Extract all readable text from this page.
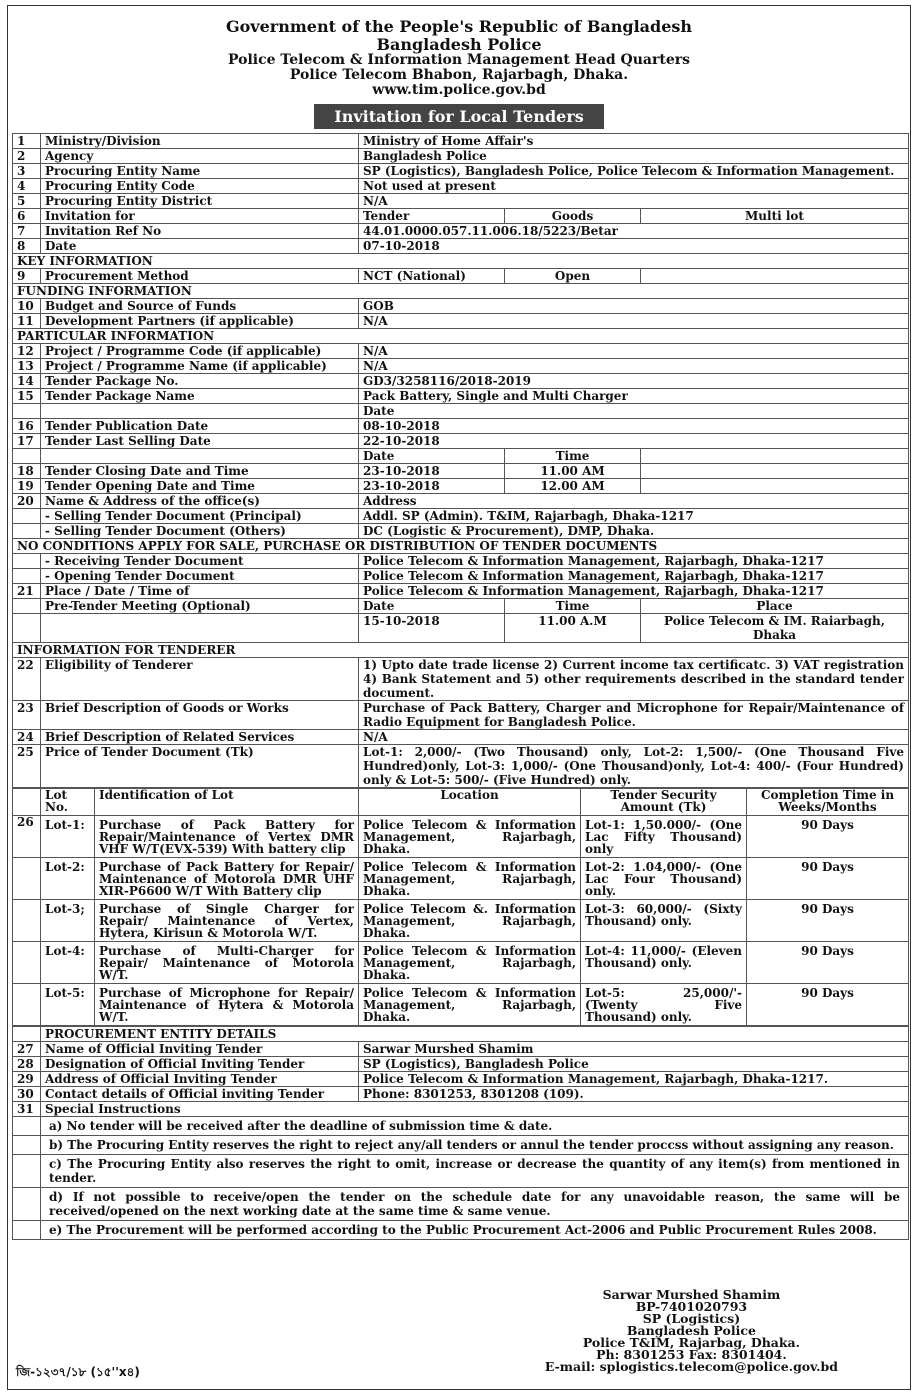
Government of the People's Republic of Bangladesh
Bangladesh Police
Police Telecom & Information Management Head Quarters
Police Telecom Bhabon, Rajarbagh, Dhaka.
www.tim.police.gov.bd
Invitation for Local Tenders
1	Ministry/Division	Ministry of Home Affair's		
2	Agency	Bangladesh Police		
3	Procuring Entity Name	SP (Logistics), Bangladesh Police, Police Telecom & Information Management.		
4	Procuring Entity Code	Not used at present		
5	Procuring Entity District	N/A		
6	Invitation for	Tender	Goods	Multi lot
7	Invitation Ref No	44.01.0000.057.11.006.18/5223/Betar		
8	Date	07-10-2018		
KEY INFORMATION				
9	Procurement Method	NCT (National)	Open	
FUNDING INFORMATION				
10	Budget and Source of Funds	GOB		
11	Development Partners (if applicable)	N/A		
PARTICULAR INFORMATION				
12	Project / Programme Code (if applicable)	N/A		
13	Project / Programme Name (if applicable)	N/A		
14	Tender Package No.	GD3/3258116/2018-2019		
15	Tender Package Name	Pack Battery, Single and Multi Charger		
		Date		
16	Tender Publication Date	08-10-2018		
17	Tender Last Selling Date	22-10-2018		
		Date	Time	
18	Tender Closing Date and Time	23-10-2018	11.00 AM	
19	Tender Opening Date and Time	23-10-2018	12.00 AM	
20	Name & Address of the office(s)	Address		
	- Selling Tender Document (Principal)	Addl. SP (Admin). T&IM, Rajarbagh, Dhaka-1217		
	- Selling Tender Document (Others)	DC (Logistic & Procurement), DMP, Dhaka.		
NO CONDITIONS APPLY FOR SALE, PURCHASE OR DISTRIBUTION OF TENDER DOCUMENTS				
	- Receiving Tender Document	Police Telecom & Information Management, Rajarbagh, Dhaka-1217		
	- Opening Tender Document	Police Telecom & Information Management, Rajarbagh, Dhaka-1217		
21	Place / Date / Time of	Police Telecom & Information Management, Rajarbagh, Dhaka-1217		
	Pre-Tender Meeting (Optional)	Date	Time	Place
		15-10-2018	11.00 A.M	Police Telecom & IM. Raiarbagh, Dhaka
INFORMATION FOR TENDERER				
22	Eligibility of Tenderer	1) Upto date trade license 2) Current income tax certificatc. 3) VAT registration 4) Bank Statement and 5) other requirements described in the standard tender document.		
23	Brief Description of Goods or Works	Purchase of Pack Battery, Charger and Microphone for Repair/Maintenance of Radio Equipment for Bangladesh Police.		
24	Brief Description of Related Services	N/A		
25	Price of Tender Document (Tk)	Lot-1: 2,000/- (Two Thousand) only, Lot-2: 1,500/- (One Thousand Five Hundred)only, Lot-3: 1,000/- (One Thousand)only, Lot-4: 400/- (Four Hundred) only & Lot-5: 500/- (Five Hundred) only.		
	Lot No.	Identification of Lot	Location	Tender Security Amount (Tk)	Completion Time in Weeks/Months
26	Lot-1:	Purchase of Pack Battery for Repair/Maintenance of Vertex DMR VHF W/T(EVX-539) With battery clip	Police Telecom & Information Management, Rajarbagh, Dhaka.	Lot-1: 1,50.000/- (One Lac Fifty Thousand) only	90 Days
	Lot-2:	Purchase of Pack Battery for Repair/ Maintenance of Motorola DMR UHF XIR-P6600 W/T With Battery clip	Police Telecom & Information Management, Rajarbagh, Dhaka.	Lot-2: 1.04,000/- (One Lac Four Thousand) only.	90 Days
	Lot-3;	Purchase of Single Charger for Repair/ Maintenance of Vertex, Hytera, Kirisun & Motorola W/T.	Police Telecom &. Information Management, Rajarbagh, Dhaka.	Lot-3: 60,000/- (Sixty Thousand) only.	90 Days
	Lot-4:	Purchase of Multi-Charger for Repair/ Maintenance of Motorola W/T.	Police Telecom & Information Management, Rajarbagh, Dhaka.	Lot-4: 11,000/- (Eleven Thousand) only.	90 Days
	Lot-5:	Purchase of Microphone for Repair/ Maintenance of Hytera & Motorola W/T.	Police Telecom & Information Management, Rajarbagh, Dhaka.	Lot-5: 25,000/'- (Twenty Five Thousand) only.	90 Days
	PROCUREMENT ENTITY DETAILS	
27	Name of Official Inviting Tender	Sarwar Murshed Shamim
28	Designation of Official Inviting Tender	SP (Logistics), Bangladesh Police
29	Address of Official Inviting Tender	Police Telecom & Information Management, Rajarbagh, Dhaka-1217.
30	Contact details of Official inviting Tender	Phone: 8301253, 8301208 (109).
31	Special Instructions	
	a) No tender will be received after the deadline of submission time & date.	
	b) The Procuring Entity reserves the right to reject any/all tenders or annul the tender proccss without assigning any reason.	
	c) The Procuring Entity also reserves the right to omit, increase or decrease the quantity of any item(s) from mentioned in tender.	
	d) If not possible to receive/open the tender on the schedule date for any unavoidable reason, the same will be received/opened on the next working date at the same time & same venue.	
	e) The Procurement will be performed according to the Public Procurement Act-2006 and Public Procurement Rules 2008.	
Sarwar Murshed Shamim
BP-7401020793
SP (Logistics)
Bangladesh Police
Police T&IM, Rajarbag, Dhaka.
Ph: 8301253 Fax: 8301404.
E-mail: splogistics.telecom@police.gov.bd
জি-১২৩৭/১৮ (১৫''x৪)
